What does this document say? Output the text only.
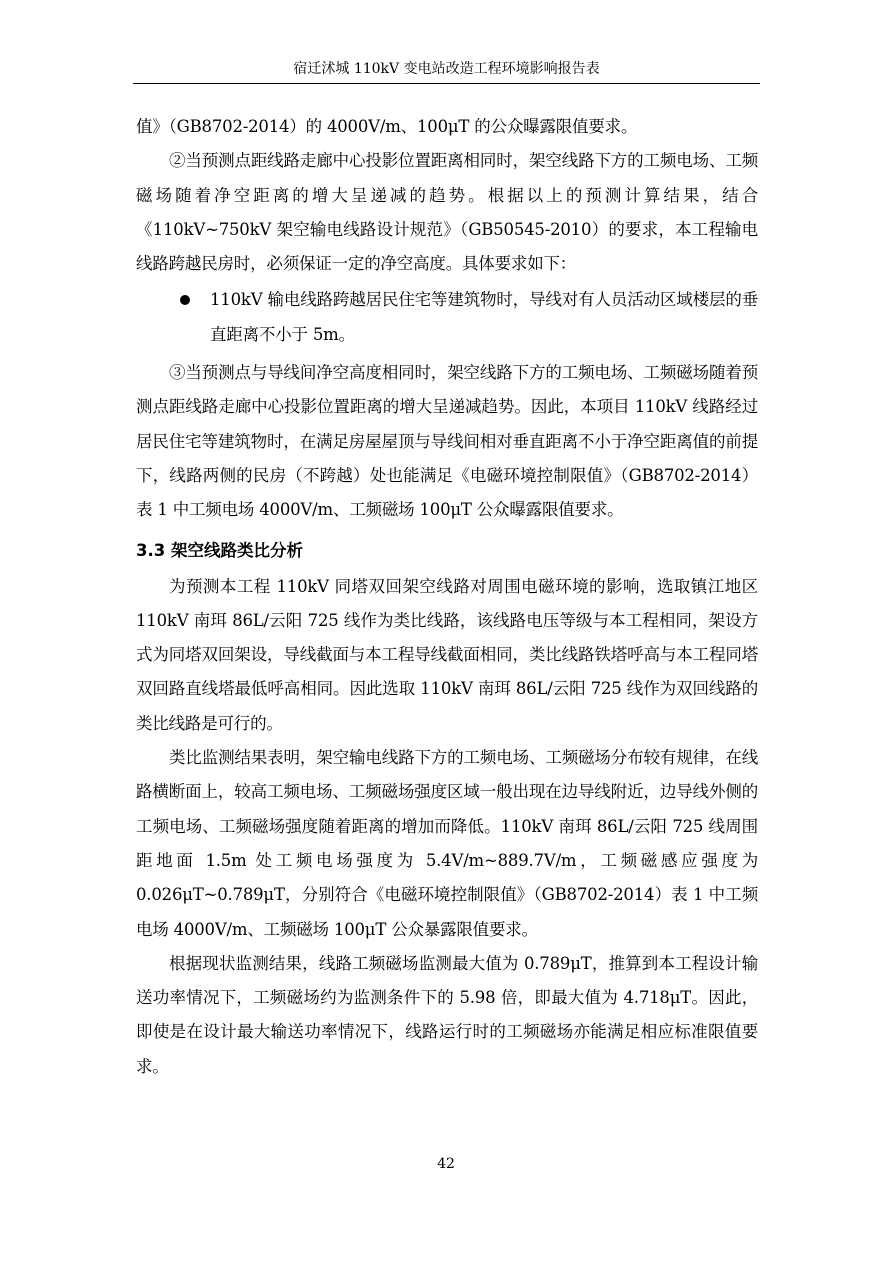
宿迁沭城 110kV 变电站改造工程环境影响报告表

值》（GB8702-2014）的 4000V/m、100μT 的公众曝露限值要求。

②当预测点距线路走廊中心投影位置距离相同时，架空线路下方的工频电场、工频磁场随着净空距离的增大呈递减的趋势。根据以上的预测计算结果，结合《110kV~750kV 架空输电线路设计规范》（GB50545-2010）的要求，本工程输电线路跨越民房时，必须保证一定的净空高度。具体要求如下：

110kV 输电线路跨越居民住宅等建筑物时，导线对有人员活动区域楼层的垂直距离不小于 5m。

③当预测点与导线间净空高度相同时，架空线路下方的工频电场、工频磁场随着预测点距线路走廊中心投影位置距离的增大呈递减趋势。因此，本项目 110kV 线路经过居民住宅等建筑物时，在满足房屋屋顶与导线间相对垂直距离不小于净空距离值的前提下，线路两侧的民房（不跨越）处也能满足《电磁环境控制限值》（GB8702-2014）表 1 中工频电场 4000V/m、工频磁场 100μT 公众曝露限值要求。

3.3 架空线路类比分析

为预测本工程 110kV 同塔双回架空线路对周围电磁环境的影响，选取镇江地区 110kV 南珥 86L/云阳 725 线作为类比线路，该线路电压等级与本工程相同，架设方式为同塔双回架设，导线截面与本工程导线截面相同，类比线路铁塔呼高与本工程同塔双回路直线塔最低呼高相同。因此选取 110kV 南珥 86L/云阳 725 线作为双回线路的类比线路是可行的。

类比监测结果表明，架空输电线路下方的工频电场、工频磁场分布较有规律，在线路横断面上，较高工频电场、工频磁场强度区域一般出现在边导线附近，边导线外侧的工频电场、工频磁场强度随着距离的增加而降低。110kV 南珥 86L/云阳 725 线周围距地面 1.5m 处工频电场强度为 5.4V/m~889.7V/m，工频磁感应强度为 0.026μT~0.789μT，分别符合《电磁环境控制限值》（GB8702-2014）表 1 中工频电场 4000V/m、工频磁场 100μT 公众暴露限值要求。

根据现状监测结果，线路工频磁场监测最大值为 0.789μT，推算到本工程设计输送功率情况下，工频磁场约为监测条件下的 5.98 倍，即最大值为 4.718μT。因此，即使是在设计最大输送功率情况下，线路运行时的工频磁场亦能满足相应标准限值要求。

42
